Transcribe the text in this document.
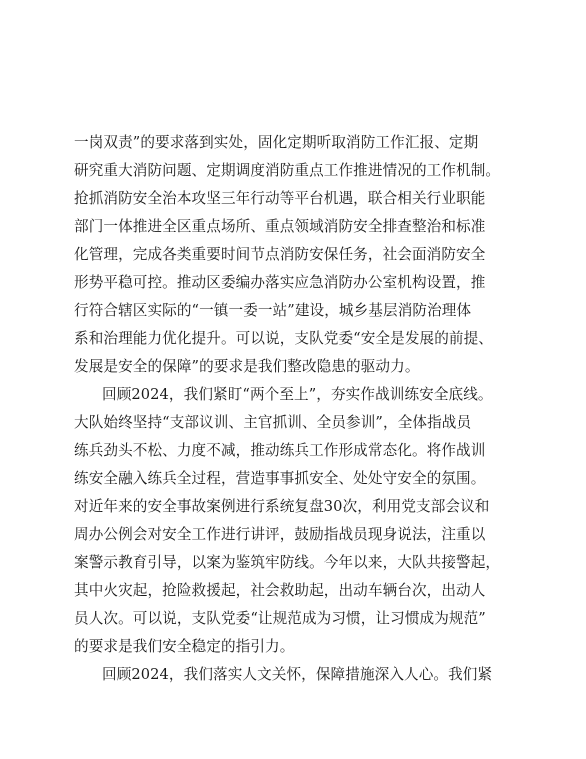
一岗双责”的要求落到实处，固化定期听取消防工作汇报、定期
研究重大消防问题、定期调度消防重点工作推进情况的工作机制。
抢抓消防安全治本攻坚三年行动等平台机遇，联合相关行业职能
部门一体推进全区重点场所、重点领域消防安全排查整治和标准
化管理，完成各类重要时间节点消防安保任务，社会面消防安全
形势平稳可控。推动区委编办落实应急消防办公室机构设置，推
行符合辖区实际的“一镇一委一站”建设，城乡基层消防治理体
系和治理能力优化提升。可以说，支队党委“安全是发展的前提、
发展是安全的保障”的要求是我们整改隐患的驱动力。
回顾2024，我们紧盯“两个至上”，夯实作战训练安全底线。
大队始终坚持“支部议训、主官抓训、全员参训”，全体指战员
练兵劲头不松、力度不减，推动练兵工作形成常态化。将作战训
练安全融入练兵全过程，营造事事抓安全、处处守安全的氛围。
对近年来的安全事故案例进行系统复盘30次，利用党支部会议和
周办公例会对安全工作进行讲评，鼓励指战员现身说法，注重以
案警示教育引导，以案为鉴筑牢防线。今年以来，大队共接警起，
其中火灾起，抢险救援起，社会救助起，出动车辆台次，出动人
员人次。可以说，支队党委“让规范成为习惯，让习惯成为规范”
的要求是我们安全稳定的指引力。
回顾2024，我们落实人文关怀，保障措施深入人心。我们紧
